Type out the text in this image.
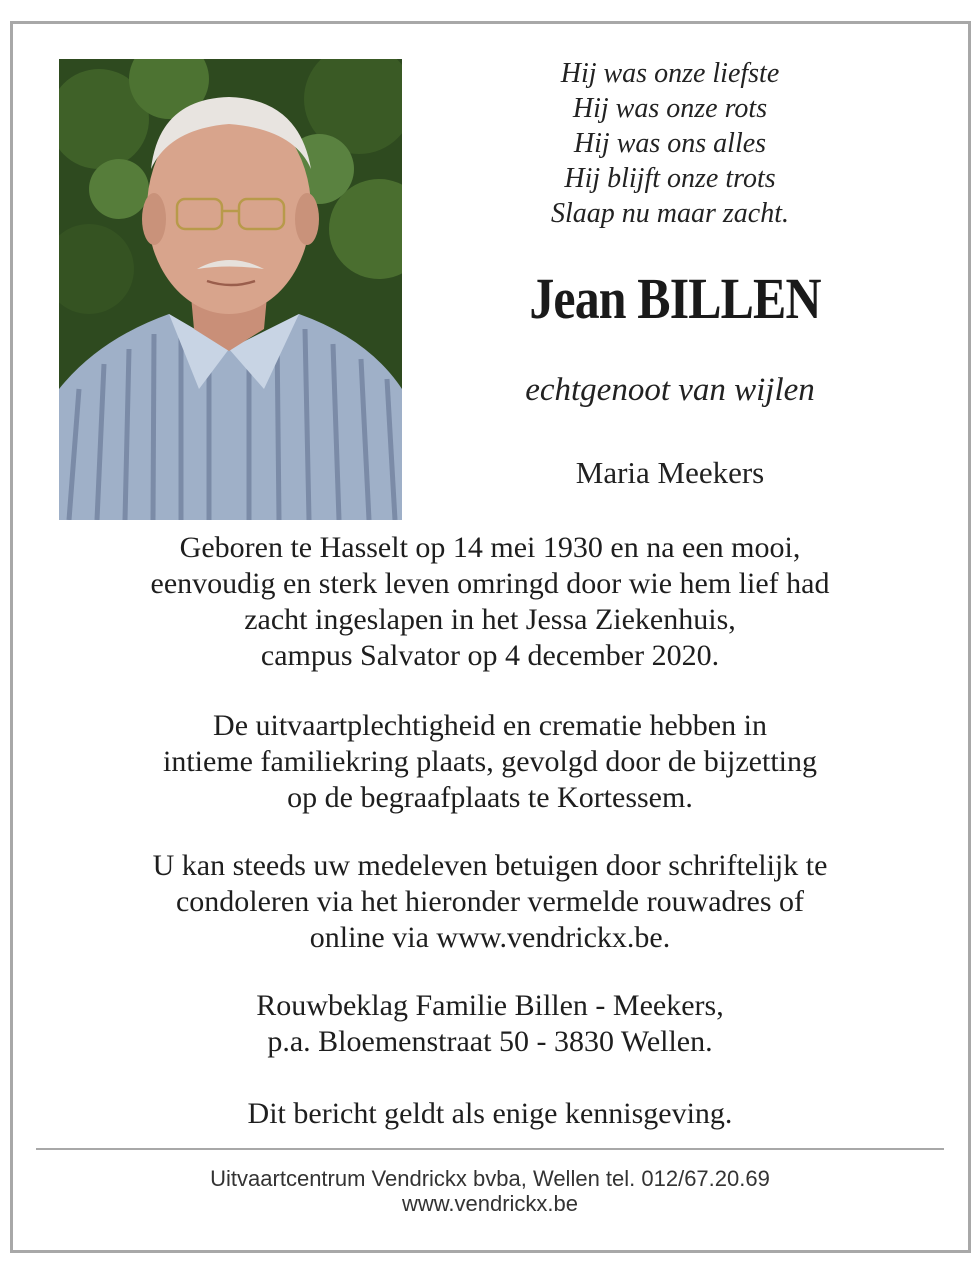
Hij was onze liefste
Hij was onze rots
Hij was ons alles
Hij blijft onze trots
Slaap nu maar zacht.
Jean BILLEN
echtgenoot van wijlen
Maria Meekers
Geboren te Hasselt op 14 mei 1930 en na een mooi,
eenvoudig en sterk leven omringd door wie hem lief had
zacht ingeslapen in het Jessa Ziekenhuis,
campus Salvator op 4 december 2020.
De uitvaartplechtigheid en crematie hebben in
intieme familiekring plaats, gevolgd door de bijzetting
op de begraafplaats te Kortessem.
U kan steeds uw medeleven betuigen door schriftelijk te
condoleren via het hieronder vermelde rouwadres of
online via www.vendrickx.be.
Rouwbeklag Familie Billen - Meekers,
p.a. Bloemenstraat 50 - 3830 Wellen.
Dit bericht geldt als enige kennisgeving.
Uitvaartcentrum Vendrickx bvba, Wellen tel. 012/67.20.69
www.vendrickx.be
